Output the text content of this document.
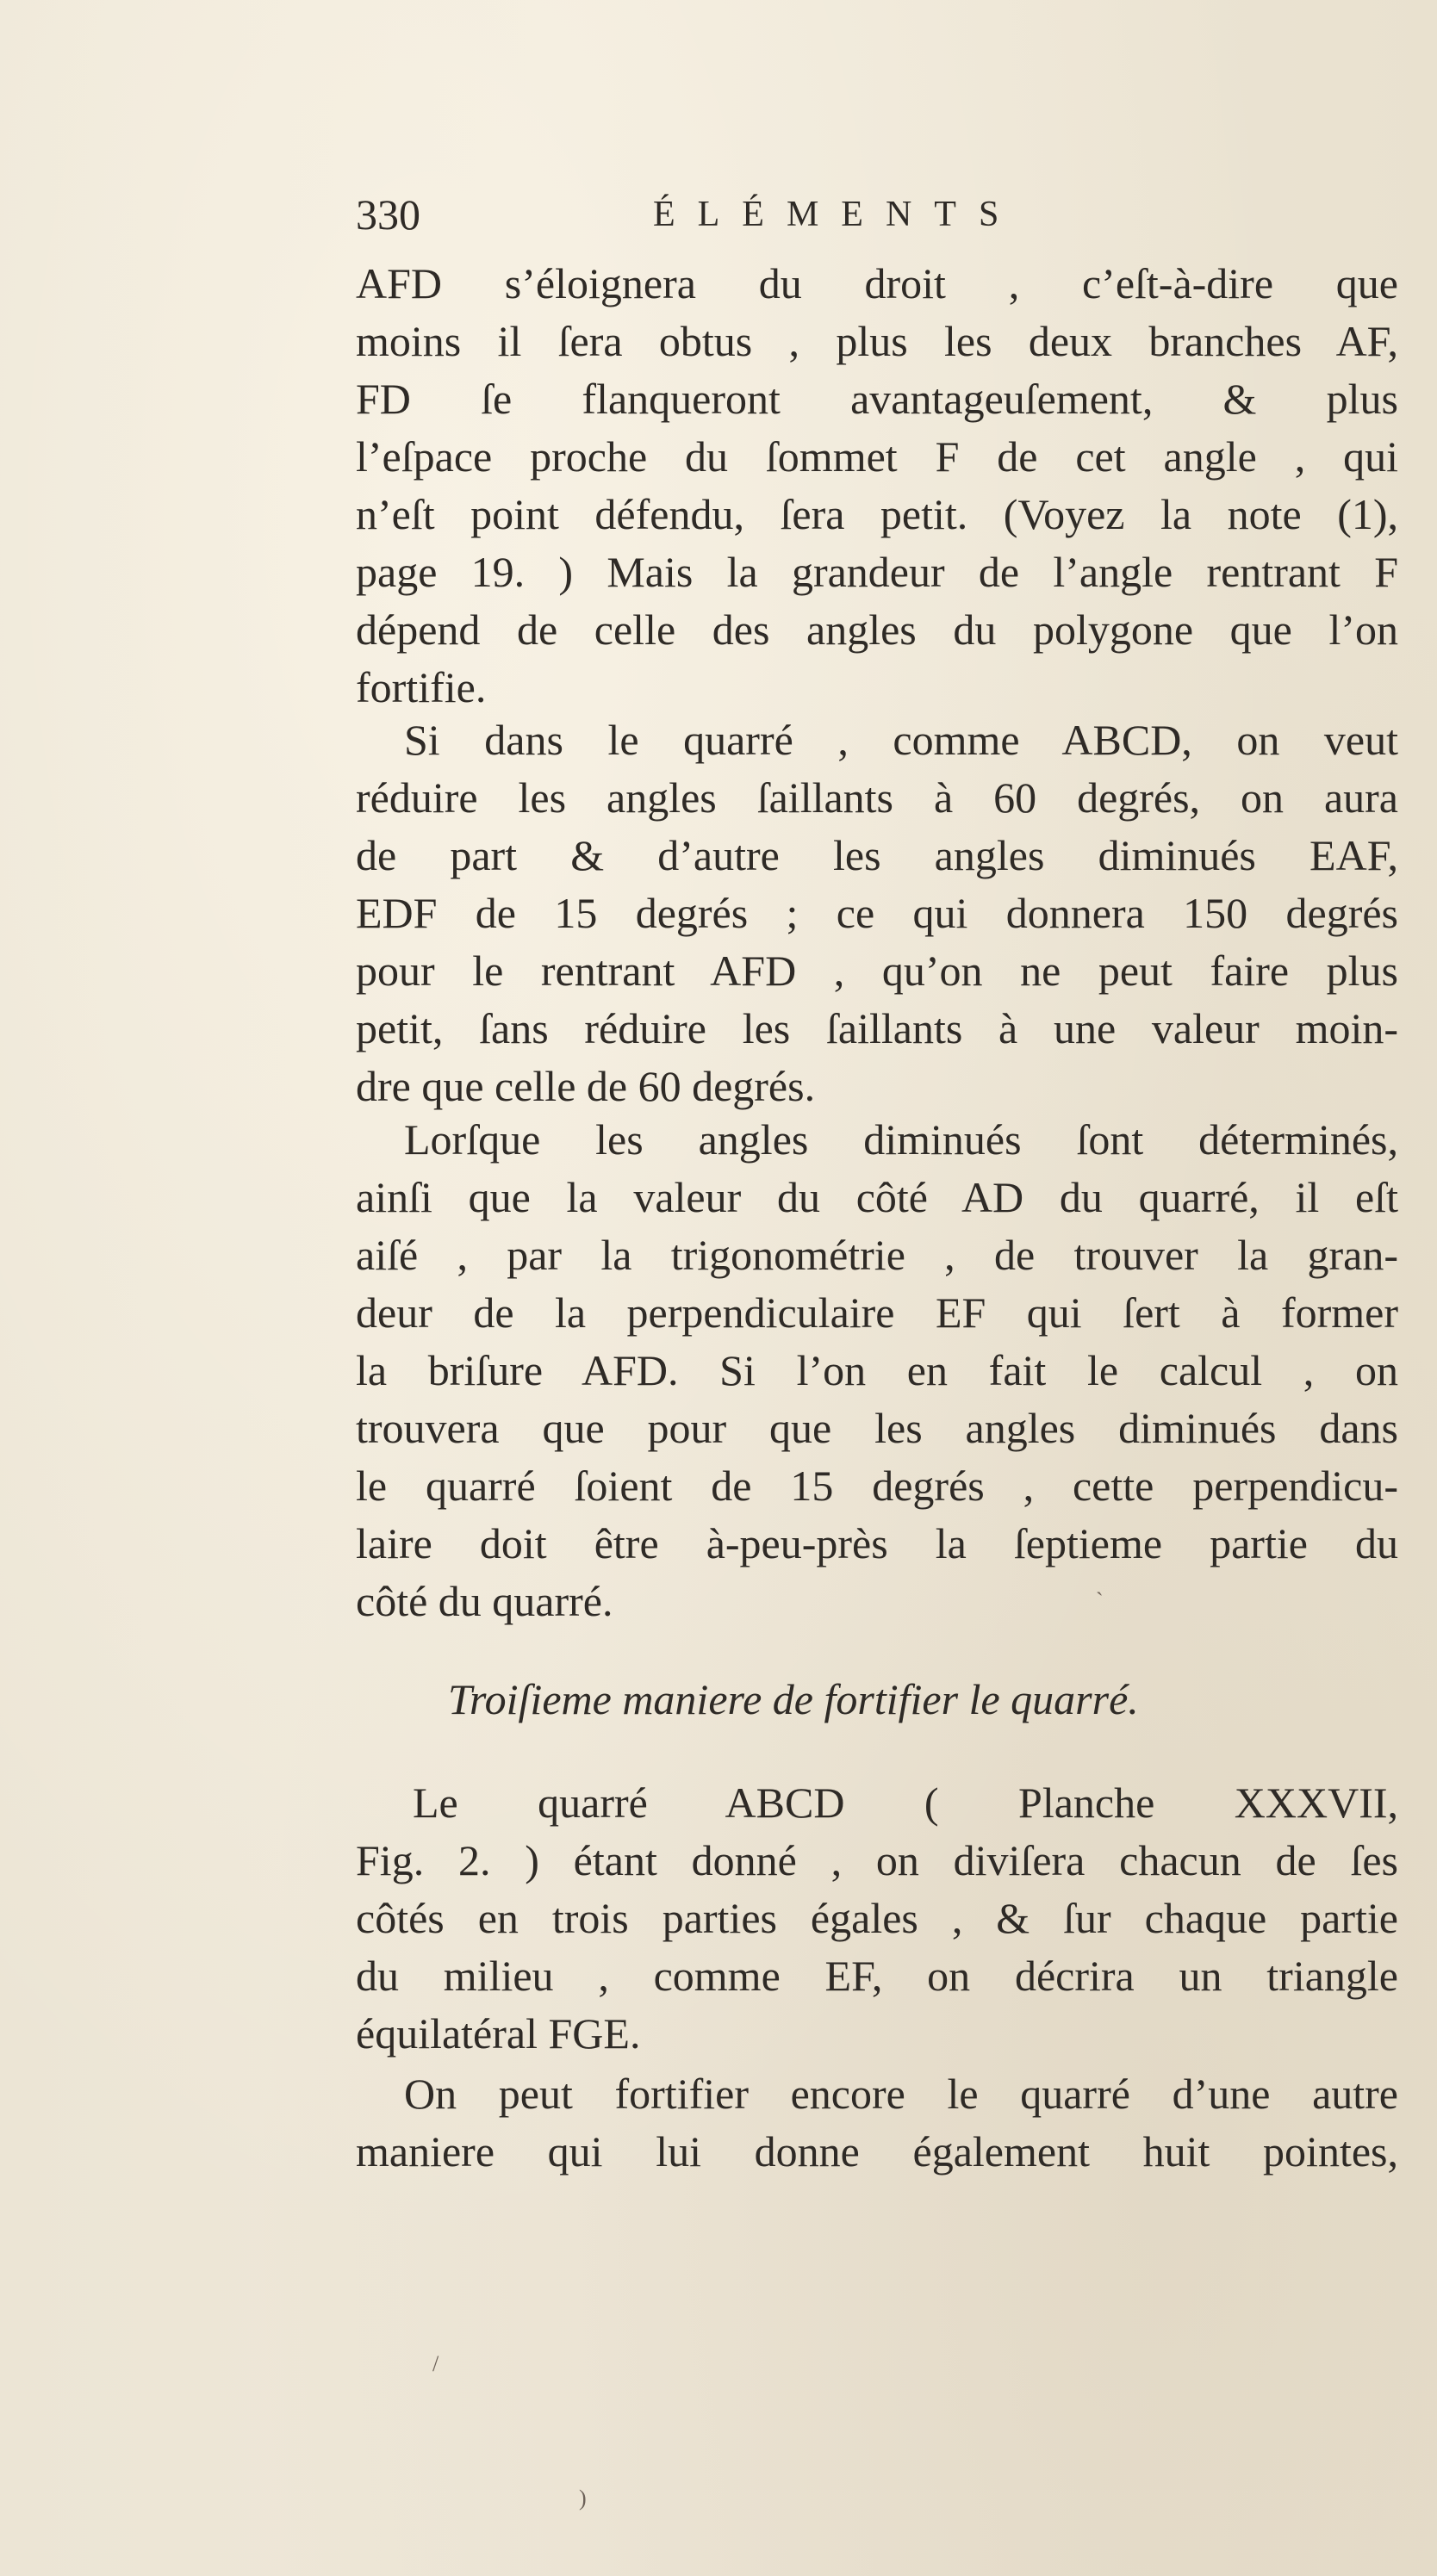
330	ÉLÉMENTS
AFD s’éloignera du droit , c’eſt-à-dire que
moins il ſera obtus , plus les deux branches AF,
FD ſe flanqueront avantageuſement, & plus
l’eſpace proche du ſommet F de cet angle , qui
n’eſt point défendu, ſera petit. (Voyez la note (1),
page 19. ) Mais la grandeur de l’angle rentrant F
dépend de celle des angles du polygone que l’on
fortifie.
Si dans le quarré , comme ABCD, on veut
réduire les angles ſaillants à 60 degrés, on aura
de part & d’autre les angles diminués EAF,
EDF de 15 degrés ; ce qui donnera 150 degrés
pour le rentrant AFD , qu’on ne peut faire plus
petit, ſans réduire les ſaillants à une valeur moin-
dre que celle de 60 degrés.
Lorſque les angles diminués ſont déterminés,
ainſi que la valeur du côté AD du quarré, il eſt
aiſé , par la trigonométrie , de trouver la gran-
deur de la perpendiculaire EF qui ſert à former
la briſure AFD. Si l’on en fait le calcul , on
trouvera que pour que les angles diminués dans
le quarré ſoient de 15 degrés , cette perpendicu-
laire doit être à-peu-près la ſeptieme partie du
côté du quarré.	`
Troiſieme maniere de fortifier le quarré.
Le quarré ABCD ( Planche XXXVII,
Fig. 2. ) étant donné , on diviſera chacun de ſes
côtés en trois parties égales , & ſur chaque partie
du milieu , comme EF, on décrira un triangle
équilatéral FGE.
On peut fortifier encore le quarré d’une autre
maniere qui lui donne également huit pointes,
/
)
